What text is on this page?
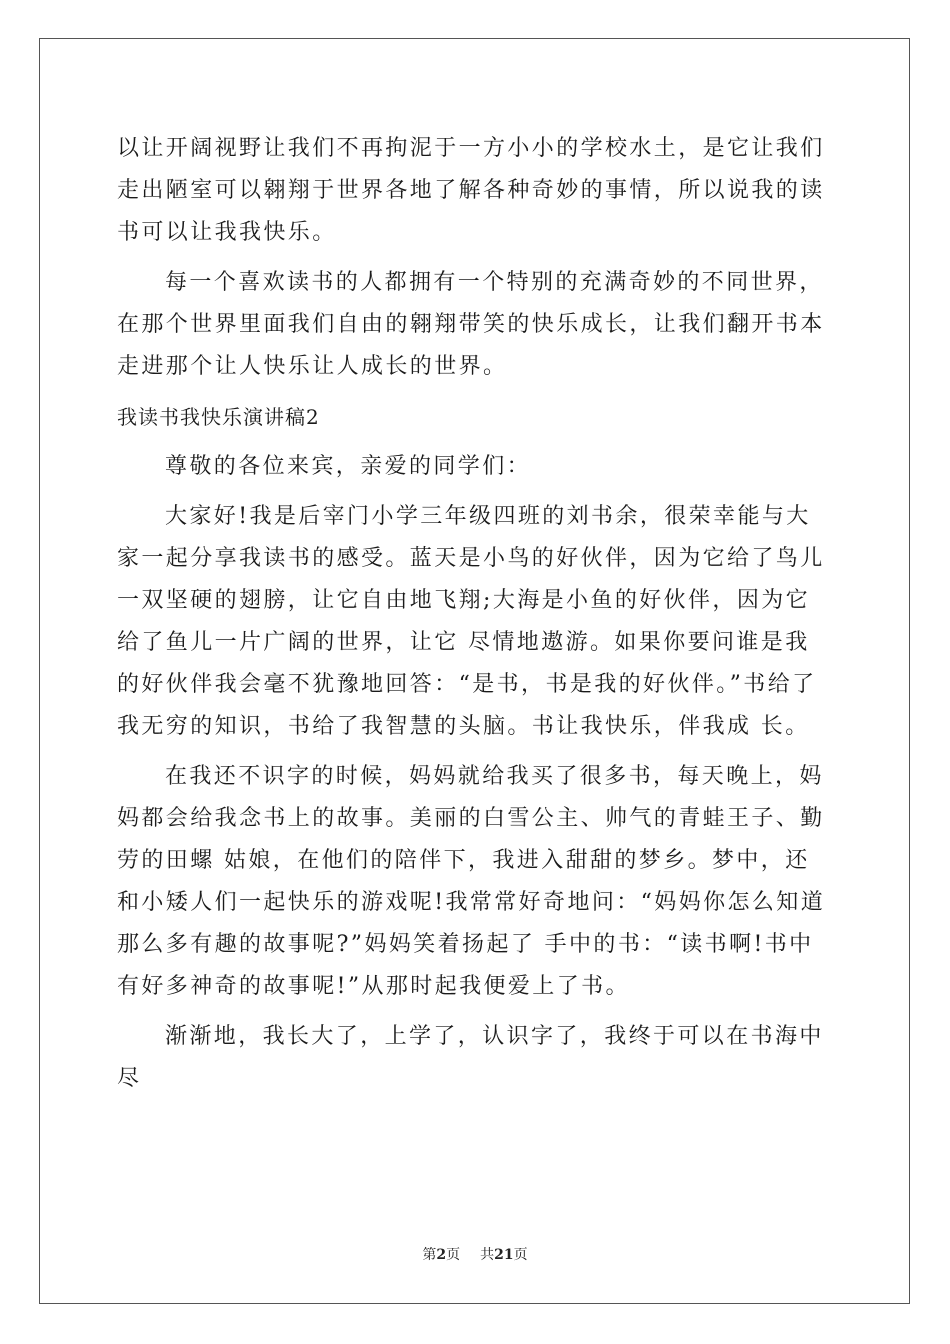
以让开阔视野让我们不再拘泥于一方小小的学校水土，是它让我们走出陋室可以翱翔于世界各地了解各种奇妙的事情，所以说我的读书可以让我我快乐。

每一个喜欢读书的人都拥有一个特别的充满奇妙的不同世界，在那个世界里面我们自由的翱翔带笑的快乐成长，让我们翻开书本走进那个让人快乐让人成长的世界。

我读书我快乐演讲稿2

尊敬的各位来宾，亲爱的同学们：

大家好!我是后宰门小学三年级四班的刘书余，很荣幸能与大 家一起分享我读书的感受。蓝天是小鸟的好伙伴，因为它给了鸟儿一双坚硬的翅膀，让它自由地飞翔;大海是小鱼的好伙伴，因为它给了鱼儿一片广阔的世界，让它 尽情地遨游。如果你要问谁是我的好伙伴我会毫不犹豫地回答：“是书，书是我的好伙伴。”书给了我无穷的知识，书给了我智慧的头脑。书让我快乐，伴我成 长。

在我还不识字的时候，妈妈就给我买了很多书，每天晚上，妈妈都会给我念书上的故事。美丽的白雪公主、帅气的青蛙王子、勤劳的田螺 姑娘，在他们的陪伴下，我进入甜甜的梦乡。梦中，还和小矮人们一起快乐的游戏呢!我常常好奇地问：“妈妈你怎么知道那么多有趣的故事呢?”妈妈笑着扬起了 手中的书：“读书啊!书中有好多神奇的故事呢!”从那时起我便爱上了书。

渐渐地，我长大了，上学了，认识字了，我终于可以在书海中尽

第2页 共21页
